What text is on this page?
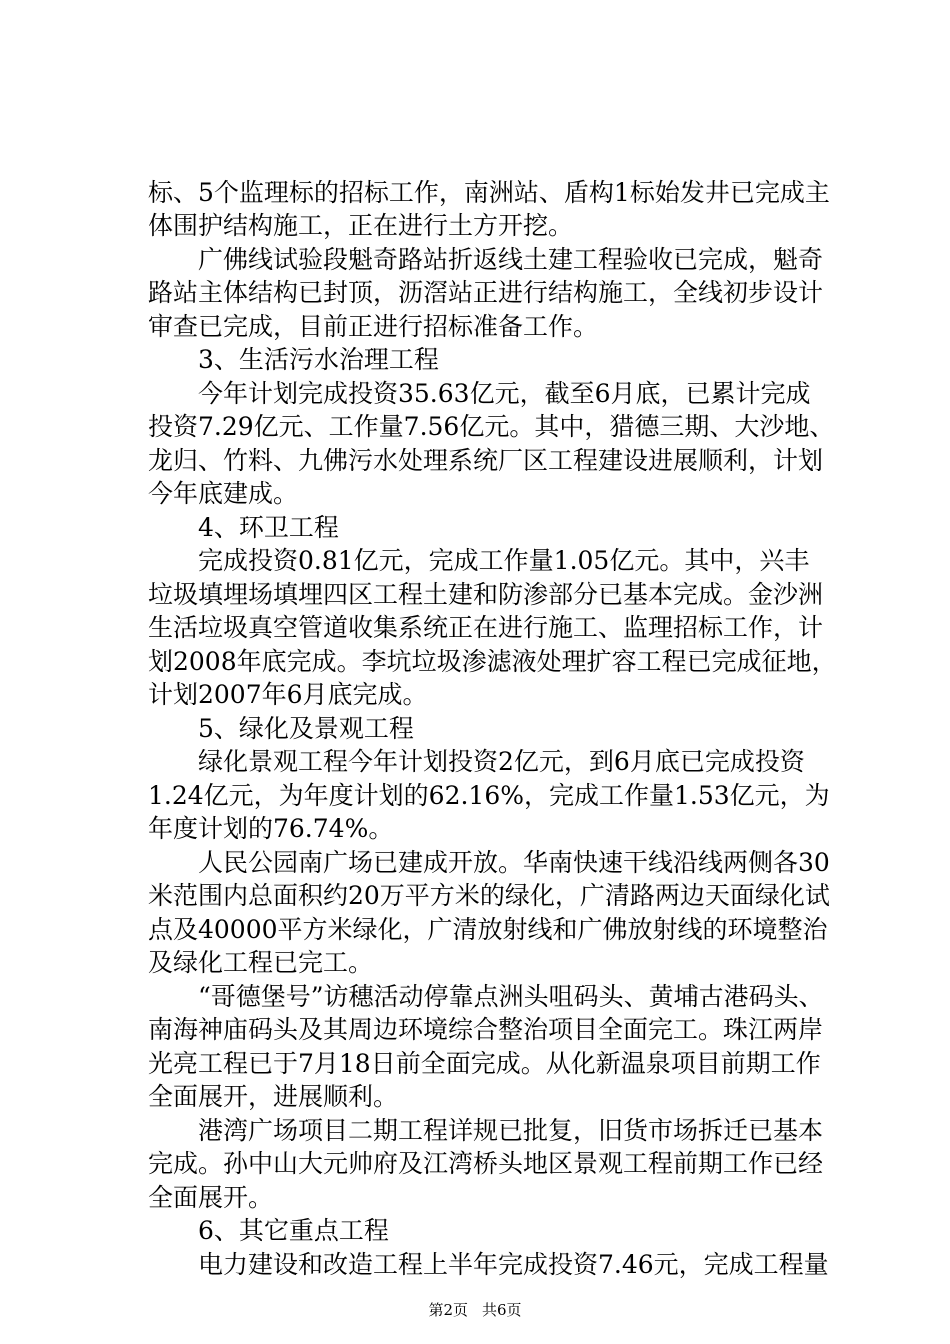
标、5个监理标的招标工作，南洲站、盾构1标始发井已完成主
体围护结构施工，正在进行土方开挖。
　　广佛线试验段魁奇路站折返线土建工程验收已完成，魁奇
路站主体结构已封顶，沥滘站正进行结构施工，全线初步设计
审查已完成，目前正进行招标准备工作。
　　3、生活污水治理工程
　　今年计划完成投资35.63亿元，截至6月底，已累计完成
投资7.29亿元、工作量7.56亿元。其中，猎德三期、大沙地、
龙归、竹料、九佛污水处理系统厂区工程建设进展顺利，计划
今年底建成。
　　4、环卫工程
　　完成投资0.81亿元，完成工作量1.05亿元。其中，兴丰
垃圾填埋场填埋四区工程土建和防渗部分已基本完成。金沙洲
生活垃圾真空管道收集系统正在进行施工、监理招标工作，计
划2008年底完成。李坑垃圾渗滤液处理扩容工程已完成征地，
计划2007年6月底完成。
　　5、绿化及景观工程
　　绿化景观工程今年计划投资2亿元，到6月底已完成投资
1.24亿元，为年度计划的62.16%，完成工作量1.53亿元，为
年度计划的76.74%。
　　人民公园南广场已建成开放。华南快速干线沿线两侧各30
米范围内总面积约20万平方米的绿化，广清路两边天面绿化试
点及40000平方米绿化，广清放射线和广佛放射线的环境整治
及绿化工程已完工。
　　“哥德堡号”访穗活动停靠点洲头咀码头、黄埔古港码头、
南海神庙码头及其周边环境综合整治项目全面完工。珠江两岸
光亮工程已于7月18日前全面完成。从化新温泉项目前期工作
全面展开，进展顺利。
　　港湾广场项目二期工程详规已批复，旧货市场拆迁已基本
完成。孙中山大元帅府及江湾桥头地区景观工程前期工作已经
全面展开。
　　6、其它重点工程
　　电力建设和改造工程上半年完成投资7.46元，完成工程量
第2页 共6页
